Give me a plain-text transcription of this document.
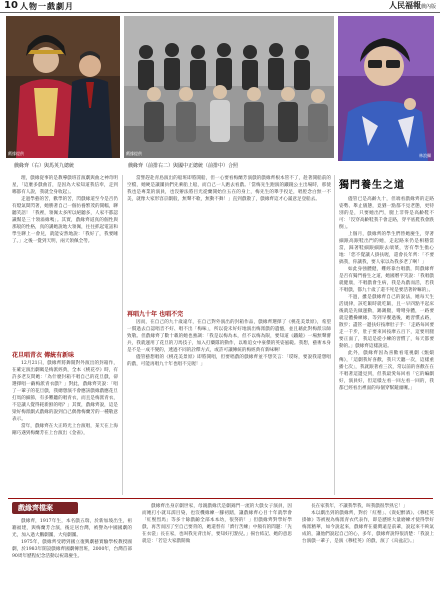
10 人物一戲劇月	人民福報戲內版
戲緣提供	戲緣提供	林浪攝
戲緣齊（右）與馬英九總統	戲緣齊（前排右二）與國中正總統（前排中）合照
獨門養生之道

理，戲緣從事的是教導戲班首演劇與曲之神奇明星，「這麼多戲曲首，是因為大家知道我信奉，走到哪都有人說，我就全身收起」。

走過學藝的苦，歡學的苦，閃戲緣道至今是否仍有燈氣間閃著，她勝著自己一個仿養繁茂的開幅，聊聽笑語！「我裡，領佩太多所以絕聽多，人家不都認識幫是三十領溢緣嗎」。其實，戲緣齊道真的個性與那般的性格，真的講她說地大領佩，往往抓起電話和學生聊上一會兒，就能安然地說：「我好了，我要睡了。」之後一覺到天明，兩天領佩全勞。

花旦唱青衣 傳統有新味

12月21日，戲緣齊將舞開對外演出的封箱作，在確定演出劇碼是梅派經典，全本《桃花亭》時，有許多老友問她：「為什麼封箱不唱自己的花旦戲，卻選擇唱一齣梅派青衣戲？」對此，戲緣齊笑說：「唱了一輩子的花旦戲，我總想演不會應該戲緣戲應花旦打馬的細節，有多難聽的唱青衣，而且是梅派青衣，不是讓人覺得耗新鮮的唱？」其實，戲緣齊說，這是梁好梅派劇式戲緣的說到自己偶像梅蘭芳的一種敬意表示。

當年，戲緣齊在大正時光上台演唱，某天在上海剛巧遇到梅蘭芳在上台演出《金雀》，

當譬趕赴青島演出的船班即將開船，但一心要看梅蘭芳演戲的戲緣齊根本管不了，趁著開船前的空檔，她硬是讓團員們先乘船上船，而自己一人跑去看戲。「當梅先生跑演的鐵鏡公主出場時，那使我也是專業的演員，也沒辦法將目光從蘭開始位五在的身上，梅先生的舉手投足，唱腔念白無一不美，就像大家形容京劇般，無聲不歌，無動不舞！」直到戲散了，戲緣齊這才心滿意足登船去。

再唱九十年 也唱不完

因而，在自己的九十歲遠年，在自己對外演出的封箱作品，戲緣齊選擇了《桃花美景原》，希望一償過去自認唱音不好、唱不出「梅味」，所以從未好好地演出梅派戲的遺憾，並且藉此對梅派宗師致敬。但戲緣齊了數十載的她也強調：「我是以梅為本，但不以梅為限，要知道《鐵鏡》一場無聲審兵，我就運用了花旦的刀馬技子，加入打藥隊的動作，以唯追女中豪傑的英姿風範。我想，藝術本身是不是一成不變的，透過不同的詮釋方式，或許可讓傳統的梅經典有新味啊！

儘管藝想唱的《桃花美景原》即將開唱，但要唱戲的戲緣齊並不想笑言：「哎呀，要說我還想唱的戲，可能再唱九十年也唱不完喔！」

儘管已是高齡九十，但端看戲緣齊的走路姿勢、舉止儀態，竟猶一點都不見老態，更特別的是，只要她出門，腿上非得是高齡鞋不可：「沒穿高齡鞋我千會走路，穿平底鞋我會跌倒」。

上個月，戲緣齊的學生們替她慶生，穿著細跟高跟鞋出門的她，走起路來仍是相穩當當，踩著鞋細跟細跟去端菜，害有學生擔心地：「您不覺讓人掛扶喔，還會長年齊：「不要搞我，你讓我，要人家以為我多老了啊！」

如此身強體健，難經靠台唱戲，問戲緣齊是否有獨門養生之道，她國曆平笑說：「我唱戲就健康，不唱戲會生病，我是為戲而活，若我不唱戲，都九十歲了還不死是要活著幹嘛的」。

不過，雖是戲緣齊自己的說法，她每天生活規律，該吃飯時就吃飯，且一早四點半起床後就是先做運動，踢踢腿，彎彎身體，一路要就是體操練緣，等到早餐過後，她習慣去路，散步；盡管一邊扶好按摩肚子手：「走路每回要走一千步，肚子要來回按摩五百下，這要用腿要正面了，我這是從小練的習慣了，每天都要動的。」戲緣齊這樣說道。

此外，戲緣齊因為喜歡看電視劇《甄嬛傳》，「這劇我好喜歡，我只天聽一次，這樣重播七次」，我就跟著看三次，常以前的喜歡在在不唱著這邊見到，但我最愛每回看「它的編劇好，演員好，但這樣左看一回左看一回的，我都已經看出裡面的每個穿幫鏡頭囉。」

戲緣齊檔案

戲緣齊，1917年生，本名戲五瑞，於新加坡出生，祖籍福建，與梅蘭芳合演，後定居台灣，被譽為中國國劇的光，加入過大鵬劇團，大宛劇團。

1975年，戲緣齊受聘到國立復興劇藝實驗學校教授國劇，於1983年開設戲緣齊國劇傳習班，2000年，台灣首部90周年歷程紀念活動以祝壽慶生。

戲緣齊出身京劇世家，母親戲緣氏是劇錦門一流的大戲女子演員，因而她打小就耳濡目染，也沒機緣練一腳初踏，讓戲緣齊心目十年就學會「紅鬃烈馬」等多十餘戲齣全部本本幼，很努的！」但戲緣齊對學好學戲，再苦而因了至自己要背的，她還替有「濟行苦練」中頻有的問題：「先在衣裳」長在家，也叫我先背出好，要知好打點兒。」揚台結記、她的意思就是：「若是大家戲開做

長在家我年，不讓我學我，叫我戲很學熟它！」

本以劇出到的戲緣齊，對於「紅鬃」、《貴妃醉酒》、《穆桂英掛帥》等被視為梅派青衣代表作，即是歷經大量磨練才使得學好梅派精華，如今說起來，戲緣齊在臺灣遠是前輩，說起來不夠氣成的，讓他們說起自己的心，多年，戲緣齊說得很清楚：「我說上台演戲一輩子，是演《穆桂英》的戲，演了《烏盆記》。」
